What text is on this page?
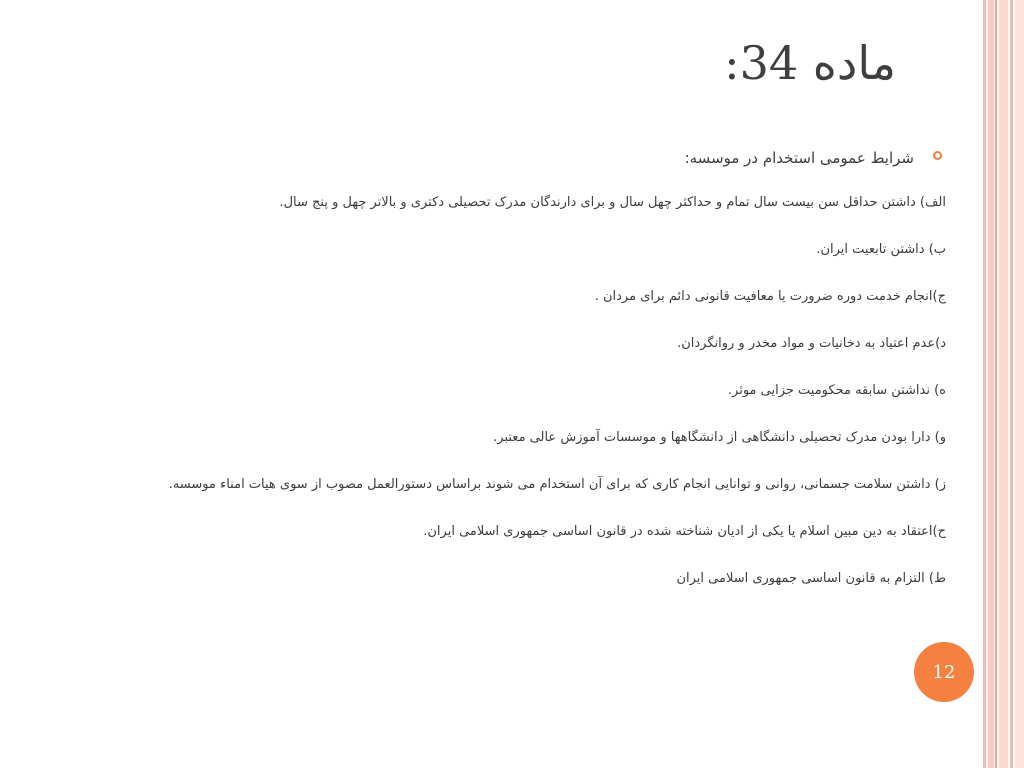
ماده 34:
شرایط عمومی استخدام در موسسه:
الف) داشتن حداقل سن بیست سال تمام و حداکثر چهل سال و برای دارندگان مدرک تحصیلی دکتری و بالاتر چهل و پنج سال.
ب) داشتن تابعیت ایران.
ج)انجام خدمت دوره ضرورت یا معافیت قانونی دائم برای مردان .
د)عدم اعتیاد به دخانیات و مواد مخدر و روانگردان.
ه) نداشتن سابقه محکومیت جزایی موثر.
و) دارا بودن مدرک تحصیلی دانشگاهی از دانشگاهها و موسسات آموزش عالی معتبر.
ز) داشتن سلامت جسمانی، روانی و توانایی انجام کاری که برای آن استخدام می شوند براساس دستورالعمل مصوب از سوی هیات امناء موسسه.
ح)اعتقاد به دین مبین اسلام یا یکی از ادیان شناخته شده در قانون اساسی جمهوری اسلامی ایران.
ط) التزام به قانون اساسی جمهوری اسلامی ایران
12
